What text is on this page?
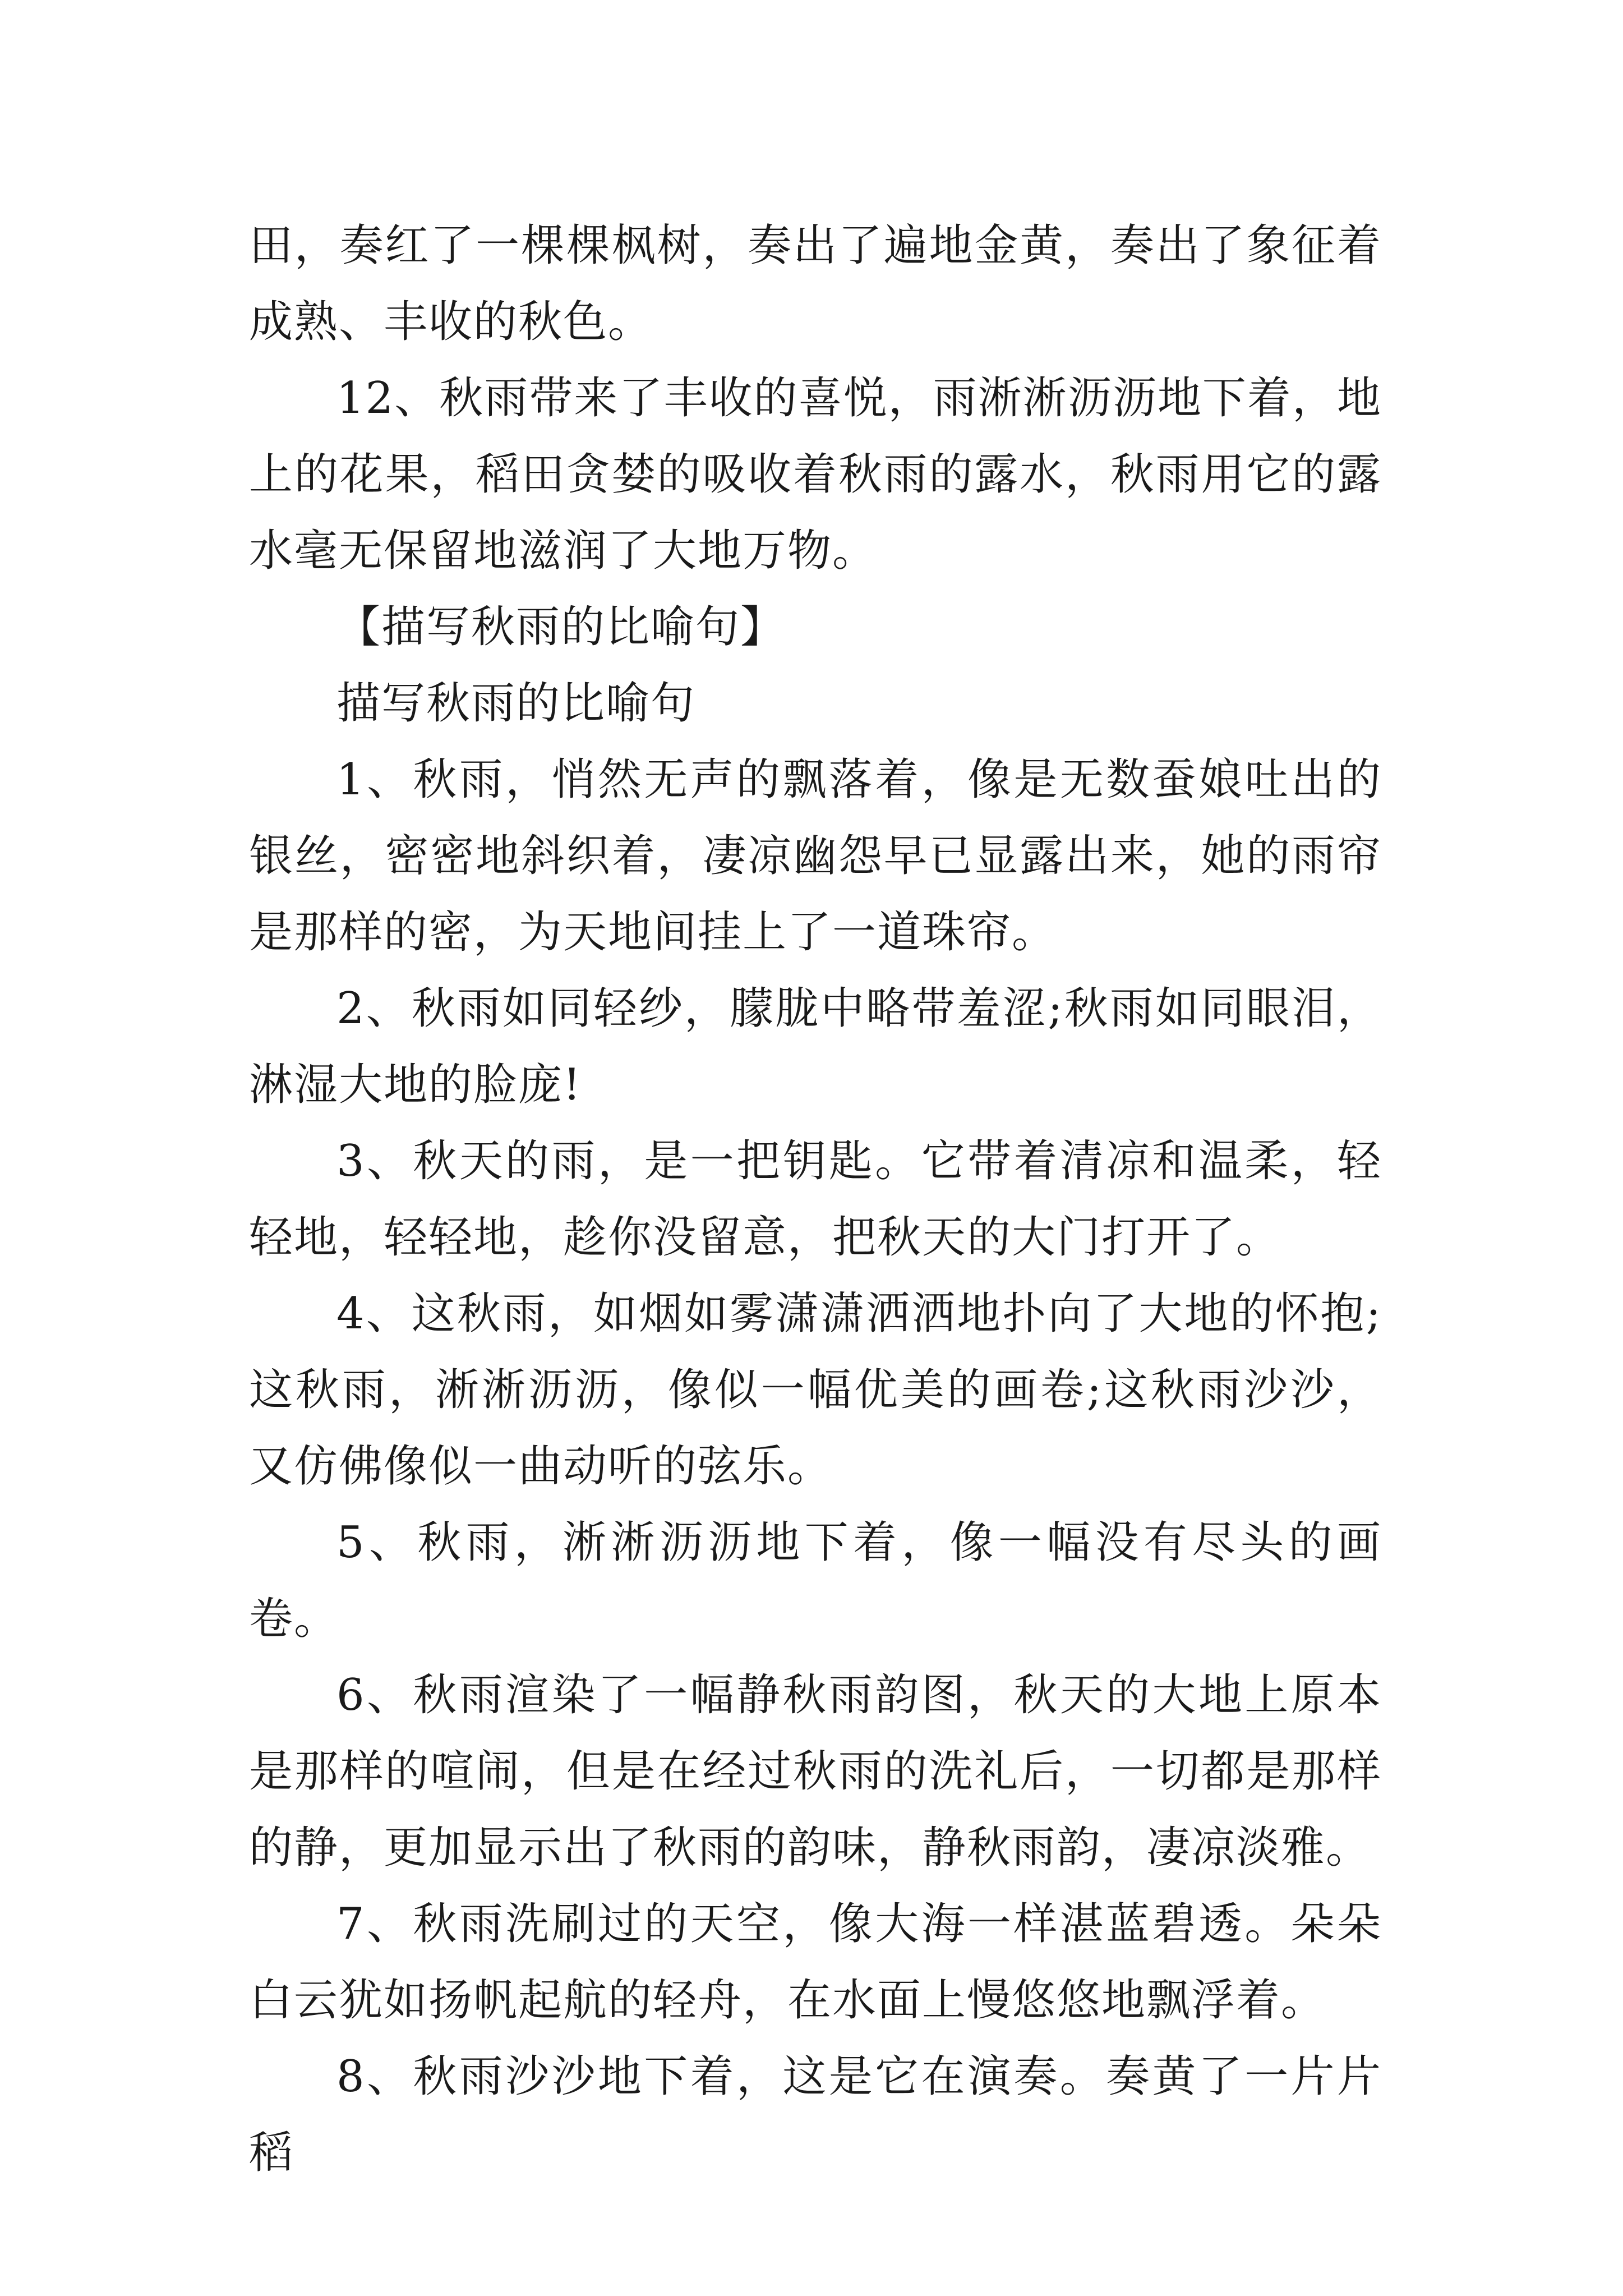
田，奏红了一棵棵枫树，奏出了遍地金黄，奏出了象征着成熟、丰收的秋色。

12、秋雨带来了丰收的喜悦，雨淅淅沥沥地下着，地上的花果，稻田贪婪的吸收着秋雨的露水，秋雨用它的露水毫无保留地滋润了大地万物。

【描写秋雨的比喻句】

描写秋雨的比喻句

1、秋雨，悄然无声的飘落着，像是无数蚕娘吐出的银丝，密密地斜织着，凄凉幽怨早已显露出来，她的雨帘是那样的密，为天地间挂上了一道珠帘。

2、秋雨如同轻纱，朦胧中略带羞涩;秋雨如同眼泪，淋湿大地的脸庞!

3、秋天的雨，是一把钥匙。它带着清凉和温柔，轻轻地，轻轻地，趁你没留意，把秋天的大门打开了。

4、这秋雨，如烟如雾潇潇洒洒地扑向了大地的怀抱;这秋雨，淅淅沥沥，像似一幅优美的画卷;这秋雨沙沙，又仿佛像似一曲动听的弦乐。

5、秋雨，淅淅沥沥地下着，像一幅没有尽头的画卷。

6、秋雨渲染了一幅静秋雨韵图，秋天的大地上原本是那样的喧闹，但是在经过秋雨的洗礼后，一切都是那样的静，更加显示出了秋雨的韵味，静秋雨韵，凄凉淡雅。

7、秋雨洗刷过的天空，像大海一样湛蓝碧透。朵朵白云犹如扬帆起航的轻舟，在水面上慢悠悠地飘浮着。

8、秋雨沙沙地下着，这是它在演奏。奏黄了一片片稻
